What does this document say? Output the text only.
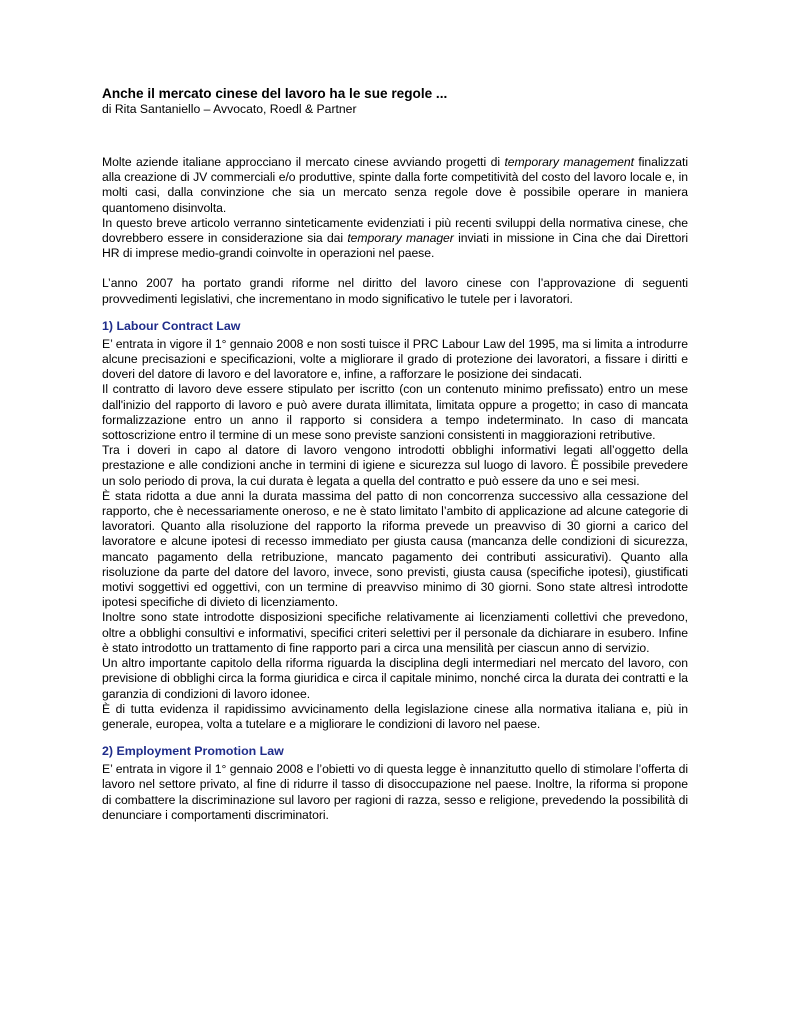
Anche il mercato cinese del lavoro ha le sue regole ...
di Rita Santaniello – Avvocato, Roedl & Partner

Molte aziende italiane approcciano il mercato cinese avviando progetti di temporary management finalizzati alla creazione di JV commerciali e/o produttive, spinte dalla forte competitività del costo del lavoro locale e, in molti casi, dalla convinzione che sia un mercato senza regole dove è possibile operare in maniera quantomeno disinvolta.

In questo breve articolo verranno sinteticamente evidenziati i più recenti sviluppi della normativa cinese, che dovrebbero essere in considerazione sia dai temporary manager inviati in missione in Cina che dai Direttori HR di imprese medio-grandi coinvolte in operazioni nel paese.

L’anno 2007 ha portato grandi riforme nel diritto del lavoro cinese con l’approvazione di seguenti provvedimenti legislativi, che incrementano in modo significativo le tutele per i lavoratori.

1) Labour Contract Law

E’ entrata in vigore il 1° gennaio 2008 e non sosti tuisce il PRC Labour Law del 1995, ma si limita a introdurre alcune precisazioni e specificazioni, volte a migliorare il grado di protezione dei lavoratori, a fissare i diritti e doveri del datore di lavoro e del lavoratore e, infine, a rafforzare le posizione dei sindacati.

Il contratto di lavoro deve essere stipulato per iscritto (con un contenuto minimo prefissato) entro un mese dall'inizio del rapporto di lavoro e può avere durata illimitata, limitata oppure a progetto; in caso di mancata formalizzazione entro un anno il rapporto si considera a tempo indeterminato. In caso di mancata sottoscrizione entro il termine di un mese sono previste sanzioni consistenti in maggiorazioni retributive.

Tra i doveri in capo al datore di lavoro vengono introdotti obblighi informativi legati all’oggetto della prestazione e alle condizioni anche in termini di igiene e sicurezza sul luogo di lavoro. È possibile prevedere un solo periodo di prova, la cui durata è legata a quella del contratto e può essere da uno e sei mesi.

È stata ridotta a due anni la durata massima del patto di non concorrenza successivo alla cessazione del rapporto, che è necessariamente oneroso, e ne è stato limitato l’ambito di applicazione ad alcune categorie di lavoratori. Quanto alla risoluzione del rapporto la riforma prevede un preavviso di 30 giorni a carico del lavoratore e alcune ipotesi di recesso immediato per giusta causa (mancanza delle condizioni di sicurezza, mancato pagamento della retribuzione, mancato pagamento dei contributi assicurativi). Quanto alla risoluzione da parte del datore del lavoro, invece, sono previsti, giusta causa (specifiche ipotesi), giustificati motivi soggettivi ed oggettivi, con un termine di preavviso minimo di 30 giorni. Sono state altresì introdotte ipotesi specifiche di divieto di licenziamento.

Inoltre sono state introdotte disposizioni specifiche relativamente ai licenziamenti collettivi che prevedono, oltre a obblighi consultivi e informativi, specifici criteri selettivi per il personale da dichiarare in esubero. Infine è stato introdotto un trattamento di fine rapporto pari a circa una mensilità per ciascun anno di servizio.

Un altro importante capitolo della riforma riguarda la disciplina degli intermediari nel mercato del lavoro, con previsione di obblighi circa la forma giuridica e circa il capitale minimo, nonché circa la durata dei contratti e la garanzia di condizioni di lavoro idonee.

È di tutta evidenza il rapidissimo avvicinamento della legislazione cinese alla normativa italiana e, più in generale, europea, volta a tutelare e a migliorare le condizioni di lavoro nel paese.

2) Employment Promotion Law

E’ entrata in vigore il 1° gennaio 2008 e l’obietti vo di questa legge è innanzitutto quello di stimolare l’offerta di lavoro nel settore privato, al fine di ridurre il tasso di disoccupazione nel paese. Inoltre, la riforma si propone di combattere la discriminazione sul lavoro per ragioni di razza, sesso e religione, prevedendo la possibilità di denunciare i comportamenti discriminatori.
